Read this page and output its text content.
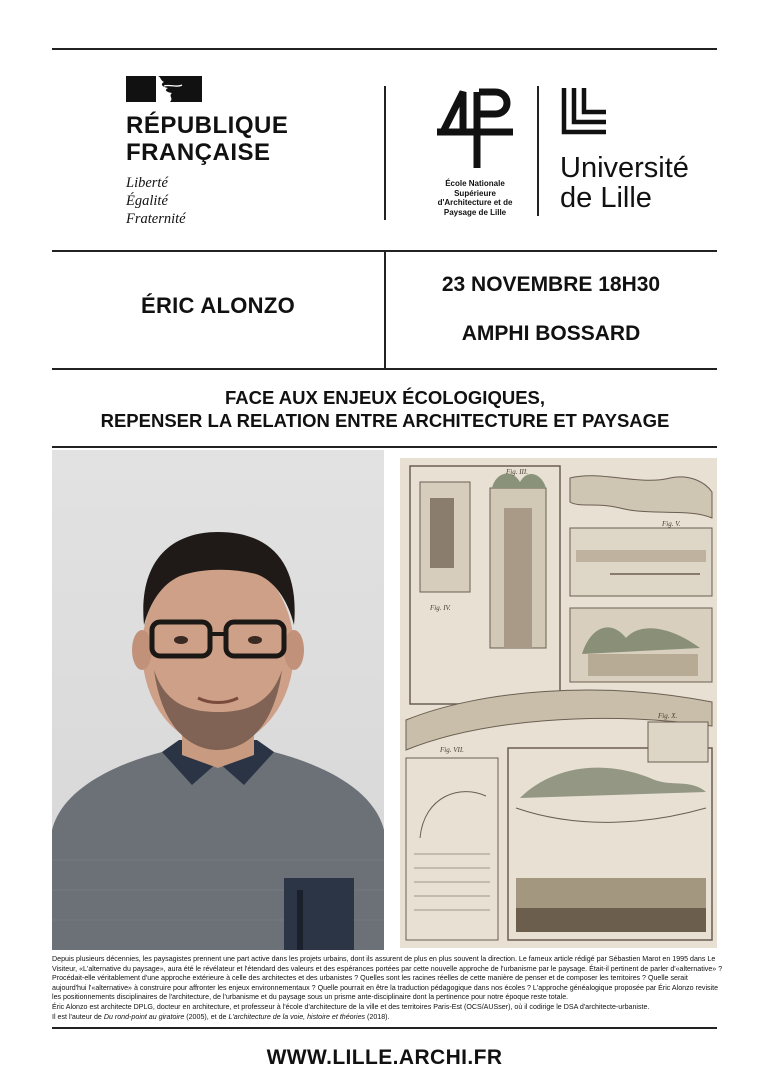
RÉPUBLIQUE
FRANÇAISE
Liberté
Égalité
Fraternité
École Nationale
Supérieure
d'Architecture et de
Paysage de Lille
Université
de Lille
ÉRIC ALONZO
23 NOVEMBRE 18H30
AMPHI BOSSARD
FACE AUX ENJEUX ÉCOLOGIQUES,
REPENSER LA RELATION ENTRE ARCHITECTURE ET PAYSAGE
Fig. III.
Fig. IV.
Fig. V.
Fig. VII.
Fig. X.
Depuis plusieurs décennies, les paysagistes prennent une part active dans les projets urbains, dont ils assurent de plus en plus souvent la direction. Le fameux article rédigé par Sébastien Marot en 1995 dans Le Visiteur, «L'alternative du paysage», aura été le révélateur et l'étendard des valeurs et des espérances portées par cette nouvelle approche de l'urbanisme par le paysage. Était-il pertinent de parler d'«alternative» ? Procédait-elle véritablement d'une approche extérieure à celle des architectes et des urbanistes ? Quelles sont les racines réelles de cette manière de penser et de composer les territoires ? Quelle serait aujourd'hui l'«alternative» à construire pour affronter les enjeux environnementaux ? Quelle pourrait en être la traduction pédagogique dans nos écoles ? L'approche généalogique proposée par Éric Alonzo revisite les positionnements disciplinaires de l'architecture, de l'urbanisme et du paysage sous un prisme ante-disciplinaire dont la pertinence pour notre époque reste totale.
Éric Alonzo est architecte DPLG, docteur en architecture, et professeur à l'école d'architecture de la ville et des territoires Paris-Est (OCS/AUSser), où il codirige le DSA d'architecte-urbaniste.
Il est l'auteur de Du rond-point au giratoire (2005), et de L'architecture de la voie, histoire et théories (2018).
WWW.LILLE.ARCHI.FR
